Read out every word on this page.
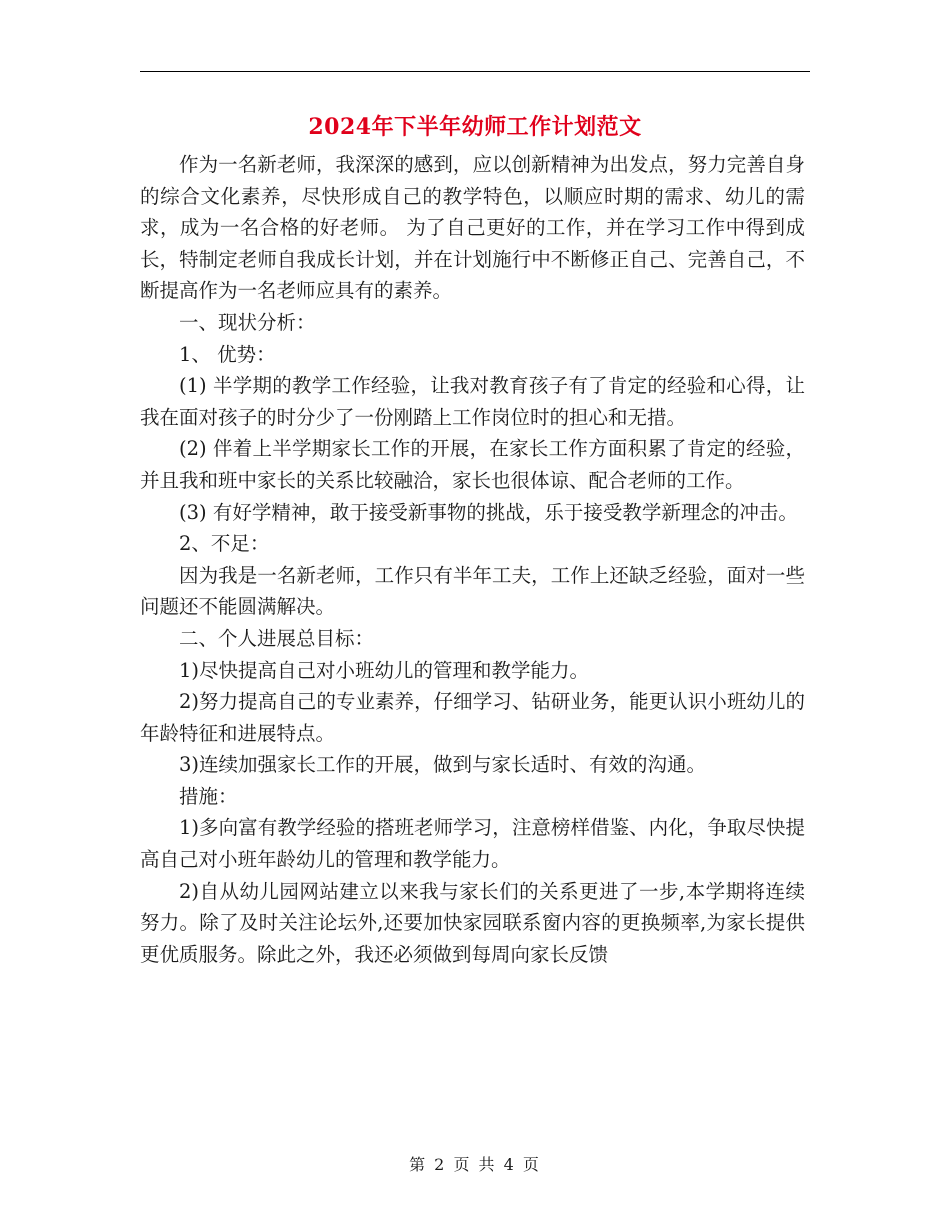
2024年下半年幼师工作计划范文

作为一名新老师，我深深的感到，应以创新精神为出发点，努力完善自身的综合文化素养，尽快形成自己的教学特色，以顺应时期的需求、幼儿的需求，成为一名合格的好老师。 为了自己更好的工作，并在学习工作中得到成长，特制定老师自我成长计划，并在计划施行中不断修正自己、完善自己，不断提高作为一名老师应具有的素养。

一、现状分析：

1、 优势：

(1) 半学期的教学工作经验，让我对教育孩子有了肯定的经验和心得，让我在面对孩子的时分少了一份刚踏上工作岗位时的担心和无措。

(2) 伴着上半学期家长工作的开展，在家长工作方面积累了肯定的经验，并且我和班中家长的关系比较融洽，家长也很体谅、配合老师的工作。

(3) 有好学精神，敢于接受新事物的挑战，乐于接受教学新理念的冲击。

2、不足：

因为我是一名新老师，工作只有半年工夫，工作上还缺乏经验，面对一些问题还不能圆满解决。

二、个人进展总目标：

1)尽快提高自己对小班幼儿的管理和教学能力。

2)努力提高自己的专业素养，仔细学习、钻研业务，能更认识小班幼儿的年龄特征和进展特点。

3)连续加强家长工作的开展，做到与家长适时、有效的沟通。

措施：

1)多向富有教学经验的搭班老师学习，注意榜样借鉴、内化，争取尽快提高自己对小班年龄幼儿的管理和教学能力。

2)自从幼儿园网站建立以来我与家长们的关系更进了一步,本学期将连续努力。除了及时关注论坛外,还要加快家园联系窗内容的更换频率,为家长提供更优质服务。除此之外，我还必须做到每周向家长反馈

第 2 页 共 4 页
